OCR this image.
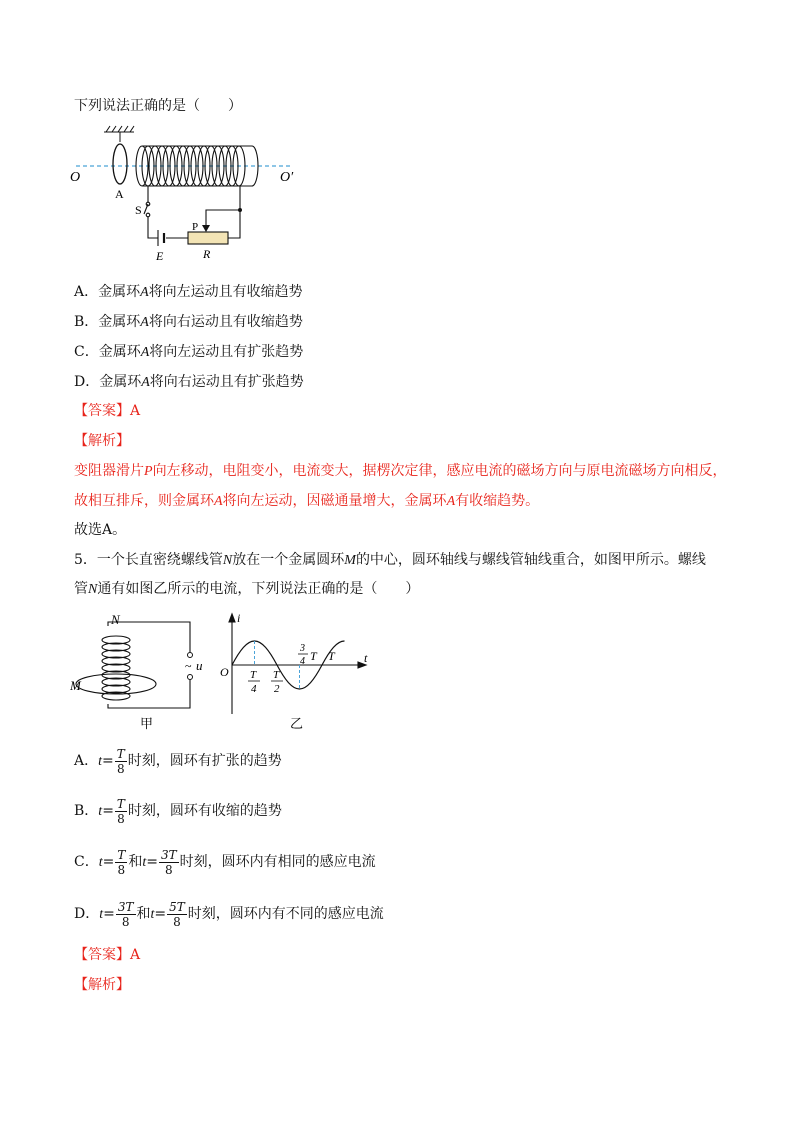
下列说法正确的是（　　）
O	O′
A
S
P
E	R
A．金属环A将向左运动且有收缩趋势
B．金属环A将向右运动且有收缩趋势
C．金属环A将向左运动且有扩张趋势
D．金属环A将向右运动且有扩张趋势
【答案】A
【解析】
变阻器滑片P向左移动，电阻变小，电流变大，据楞次定律，感应电流的磁场方向与原电流磁场方向相反，
故相互排斥，则金属环A将向左运动，因磁通量增大，金属环A有收缩趋势。
故选A。
5．一个长直密绕螺线管N放在一个金属圆环M的中心，圆环轴线与螺线管轴线重合，如图甲所示。螺线
管N通有如图乙所示的电流，下列说法正确的是（　　）
~
N
M
u
甲
i
t
O
3
4 T T
T
4
T
2
乙
A．$t= \frac{T}{8}$ 时刻，圆环有扩张的趋势
B．$t= \frac{T}{8}$ 时刻，圆环有收缩的趋势
C．$t= \frac{T}{8}$ 和$t= \frac{3T}{8}$ 时刻，圆环内有相同的感应电流
D．$t= \frac{3T}{8}$ 和$t= \frac{5T}{8}$ 时刻，圆环内有不同的感应电流
【答案】A
【解析】
